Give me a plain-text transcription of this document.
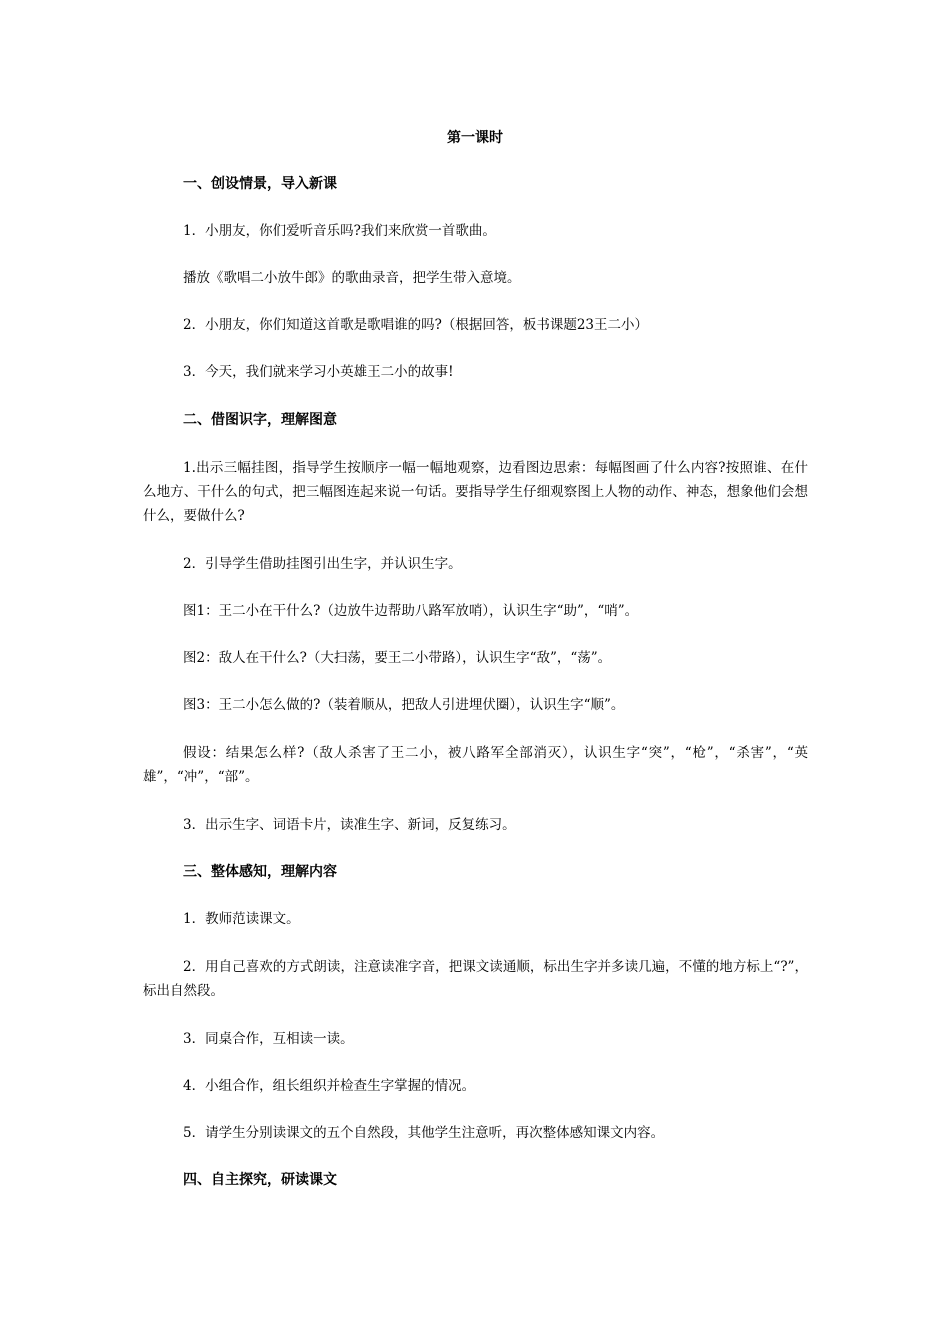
第一课时
一、创设情景，导入新课
1．小朋友，你们爱听音乐吗?我们来欣赏一首歌曲。
播放《歌唱二小放牛郎》的歌曲录音，把学生带入意境。
2．小朋友，你们知道这首歌是歌唱谁的吗?（根据回答，板书课题23王二小）
3．今天，我们就来学习小英雄王二小的故事!
二、借图识字，理解图意
1.出示三幅挂图，指导学生按顺序一幅一幅地观察，边看图边思索：每幅图画了什么内容?按照谁、在什么地方、干什么的句式，把三幅图连起来说一句话。要指导学生仔细观察图上人物的动作、神态，想象他们会想什么，要做什么?
2．引导学生借助挂图引出生字，并认识生字。
图1：王二小在干什么?（边放牛边帮助八路军放哨），认识生字“助”，“哨”。
图2：敌人在干什么?（大扫荡，要王二小带路），认识生字“敌”，“荡”。
图3：王二小怎么做的?（装着顺从，把敌人引进埋伏圈），认识生字“顺”。
假设：结果怎么样?（敌人杀害了王二小，被八路军全部消灭），认识生字“突”，“枪”，“杀害”，“英雄”，“冲”，“部”。
3．出示生字、词语卡片，读准生字、新词，反复练习。
三、整体感知，理解内容
1．教师范读课文。
2．用自己喜欢的方式朗读，注意读准字音，把课文读通顺，标出生字并多读几遍，不懂的地方标上“?”，标出自然段。
3．同桌合作，互相读一读。
4．小组合作，组长组织并检查生字掌握的情况。
5．请学生分别读课文的五个自然段，其他学生注意听，再次整体感知课文内容。
四、自主探究，研读课文
